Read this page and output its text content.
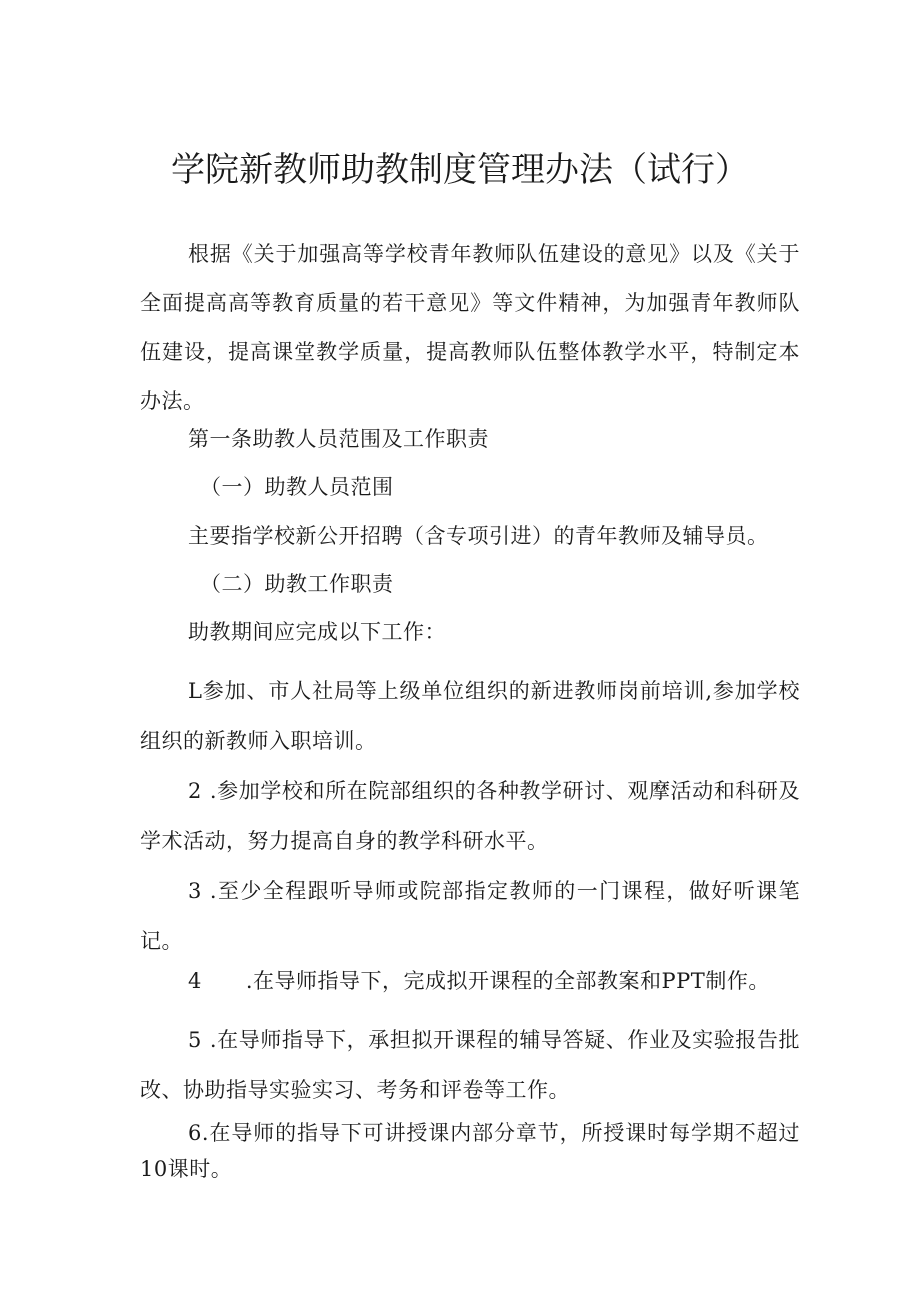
学院新教师助教制度管理办法（试行）
根据《关于加强高等学校青年教师队伍建设的意见》以及《关于全面提高高等教育质量的若干意见》等文件精神，为加强青年教师队伍建设，提高课堂教学质量，提高教师队伍整体教学水平，特制定本办法。
第一条助教人员范围及工作职责
（一）助教人员范围
主要指学校新公开招聘（含专项引进）的青年教师及辅导员。
（二）助教工作职责
助教期间应完成以下工作：
L参加、市人社局等上级单位组织的新进教师岗前培训,参加学校组织的新教师入职培训。
2 .参加学校和所在院部组织的各种教学研讨、观摩活动和科研及学术活动，努力提高自身的教学科研水平。
3 .至少全程跟听导师或院部指定教师的一门课程，做好听课笔记。
4 .在导师指导下，完成拟开课程的全部教案和PPT制作。
5 .在导师指导下，承担拟开课程的辅导答疑、作业及实验报告批改、协助指导实验实习、考务和评卷等工作。
6.在导师的指导下可讲授课内部分章节，所授课时每学期不超过10课时。
